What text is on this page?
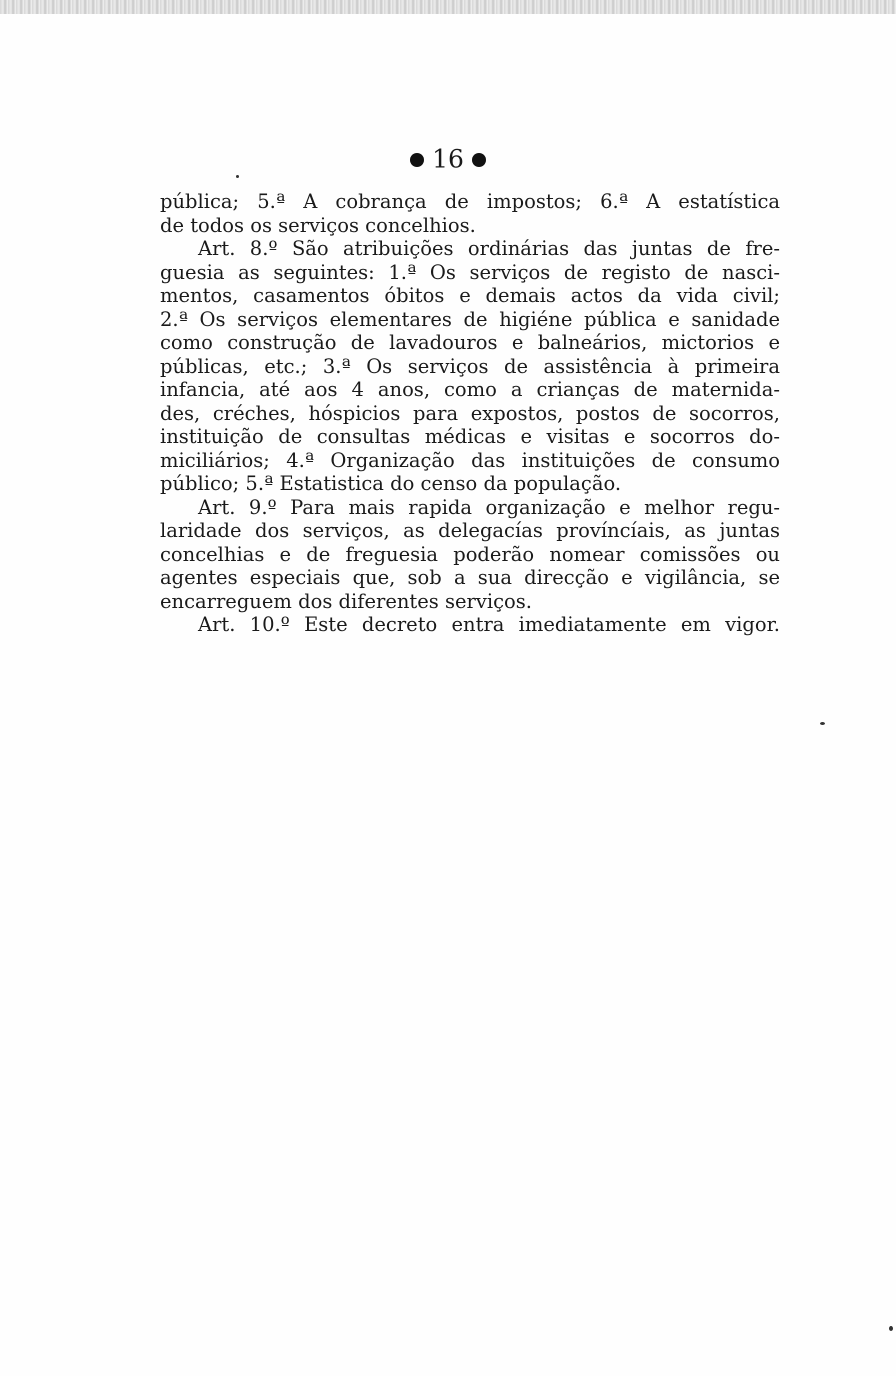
16
pública; 5.ª A cobrança de impostos; 6.ª A estatística
de todos os serviços concelhios.
Art. 8.º São atribuições ordinárias das juntas de fre-
guesia as seguintes: 1.ª Os serviços de registo de nasci-
mentos, casamentos óbitos e demais actos da vida civil;
2.ª Os serviços elementares de higiéne pública e sanidade
como construção de lavadouros e balneários, mictorios e
públicas, etc.; 3.ª Os serviços de assistência à primeira
infancia, até aos 4 anos, como a crianças de maternida-
des, créches, hóspicios para expostos, postos de socorros,
instituição de consultas médicas e visitas e socorros do-
miciliários; 4.ª Organização das instituições de consumo
público; 5.ª Estatistica do censo da população.
Art. 9.º Para mais rapida organização e melhor regu-
laridade dos serviços, as delegacías províncíais, as juntas
concelhias e de freguesia poderão nomear comissões ou
agentes especiais que, sob a sua direcção e vigilância, se
encarreguem dos diferentes serviços.
Art. 10.º Este decreto entra imediatamente em vigor.
